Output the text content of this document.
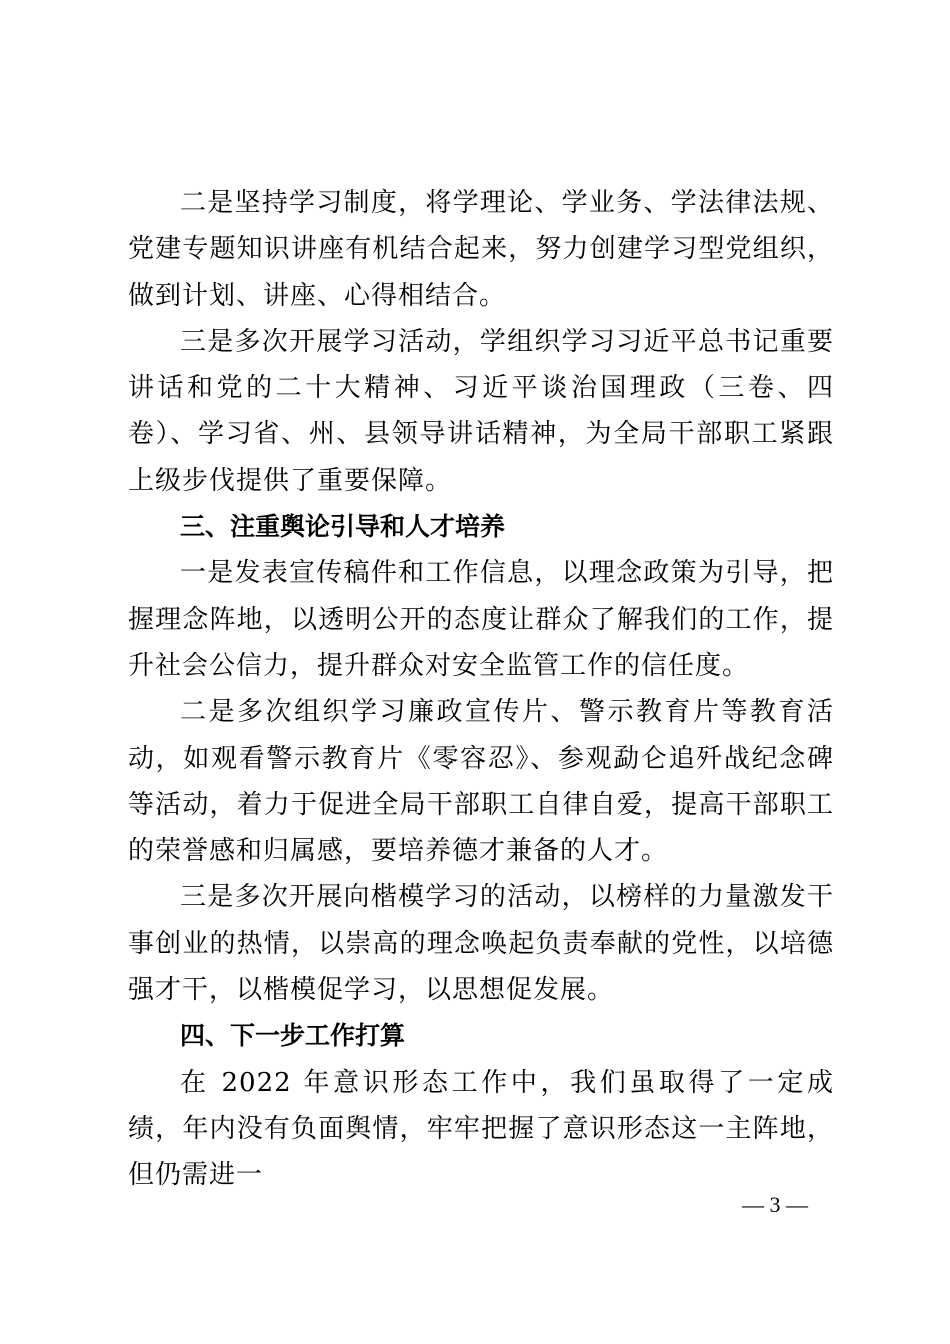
二是坚持学习制度，将学理论、学业务、学法律法规、党建专题知识讲座有机结合起来，努力创建学习型党组织，做到计划、讲座、心得相结合。

三是多次开展学习活动，学组织学习习近平总书记重要讲话和党的二十大精神、习近平谈治国理政（三卷、四卷）、学习省、州、县领导讲话精神，为全局干部职工紧跟上级步伐提供了重要保障。

三、注重舆论引导和人才培养

一是发表宣传稿件和工作信息，以理念政策为引导，把握理念阵地，以透明公开的态度让群众了解我们的工作，提升社会公信力，提升群众对安全监管工作的信任度。

二是多次组织学习廉政宣传片、警示教育片等教育活动，如观看警示教育片《零容忍》、参观勐仑追歼战纪念碑等活动，着力于促进全局干部职工自律自爱，提高干部职工的荣誉感和归属感，要培养德才兼备的人才。

三是多次开展向楷模学习的活动，以榜样的力量激发干事创业的热情，以崇高的理念唤起负责奉献的党性，以培德强才干，以楷模促学习，以思想促发展。

四、下一步工作打算

在 2022 年意识形态工作中，我们虽取得了一定成绩，年内没有负面舆情，牢牢把握了意识形态这一主阵地，但仍需进一

— 3 —
